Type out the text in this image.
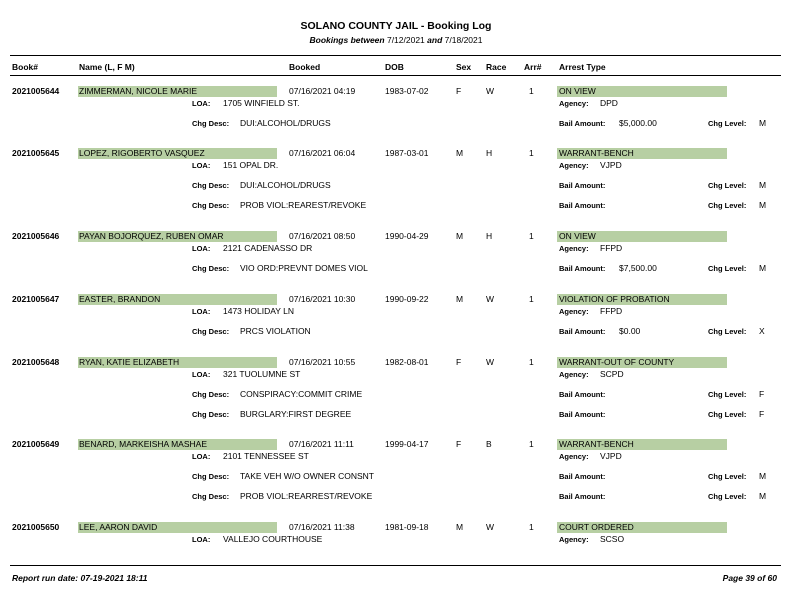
SOLANO COUNTY JAIL - Booking Log
Bookings between 7/12/2021 and 7/18/2021
Book#	Name (L, F M)	Booked	DOB	Sex Race Arr# Arrest Type
2021005644 ZIMMERMAN, NICOLE MARIE	07/16/2021 04:19	1983-07-02	F	W	1	ON VIEW
LOA: 1705 WINFIELD ST.	Agency: DPD
Chg Desc: DUI:ALCOHOL/DRUGS	Bail Amount: $5,000.00	Chg Level: M
2021005645 LOPEZ, RIGOBERTO VASQUEZ	07/16/2021 06:04	1987-03-01	M	H	1	WARRANT-BENCH
LOA: 151 OPAL DR.	Agency: VJPD
Chg Desc: DUI:ALCOHOL/DRUGS	Bail Amount:	Chg Level: M
Chg Desc: PROB VIOL:REAREST/REVOKE	Bail Amount:	Chg Level: M
2021005646 PAYAN BOJORQUEZ, RUBEN OMAR	07/16/2021 08:50	1990-04-29	M	H	1	ON VIEW
LOA: 2121 CADENASSO DR	Agency: FFPD
Chg Desc: VIO ORD:PREVNT DOMES VIOL	Bail Amount: $7,500.00	Chg Level: M
2021005647 EASTER, BRANDON	07/16/2021 10:30	1990-09-22	M	W	1	VIOLATION OF PROBATION
LOA: 1473 HOLIDAY LN	Agency: FFPD
Chg Desc: PRCS VIOLATION	Bail Amount: $0.00	Chg Level: X
2021005648 RYAN, KATIE ELIZABETH	07/16/2021 10:55	1982-08-01	F	W	1	WARRANT-OUT OF COUNTY
LOA: 321 TUOLUMNE ST	Agency: SCPD
Chg Desc: CONSPIRACY:COMMIT CRIME	Bail Amount:	Chg Level: F
Chg Desc: BURGLARY:FIRST DEGREE	Bail Amount:	Chg Level: F
2021005649 BENARD, MARKEISHA MASHAE	07/16/2021 11:11	1999-04-17	F	B	1	WARRANT-BENCH
LOA: 2101 TENNESSEE ST	Agency: VJPD
Chg Desc: TAKE VEH W/O OWNER CONSNT	Bail Amount:	Chg Level: M
Chg Desc: PROB VIOL:REARREST/REVOKE	Bail Amount:	Chg Level: M
2021005650 LEE, AARON DAVID	07/16/2021 11:38	1981-09-18	M	W	1	COURT ORDERED
LOA: VALLEJO COURTHOUSE	Agency: SCSO
Report run date: 07-19-2021 18:11	Page 39 of 60
